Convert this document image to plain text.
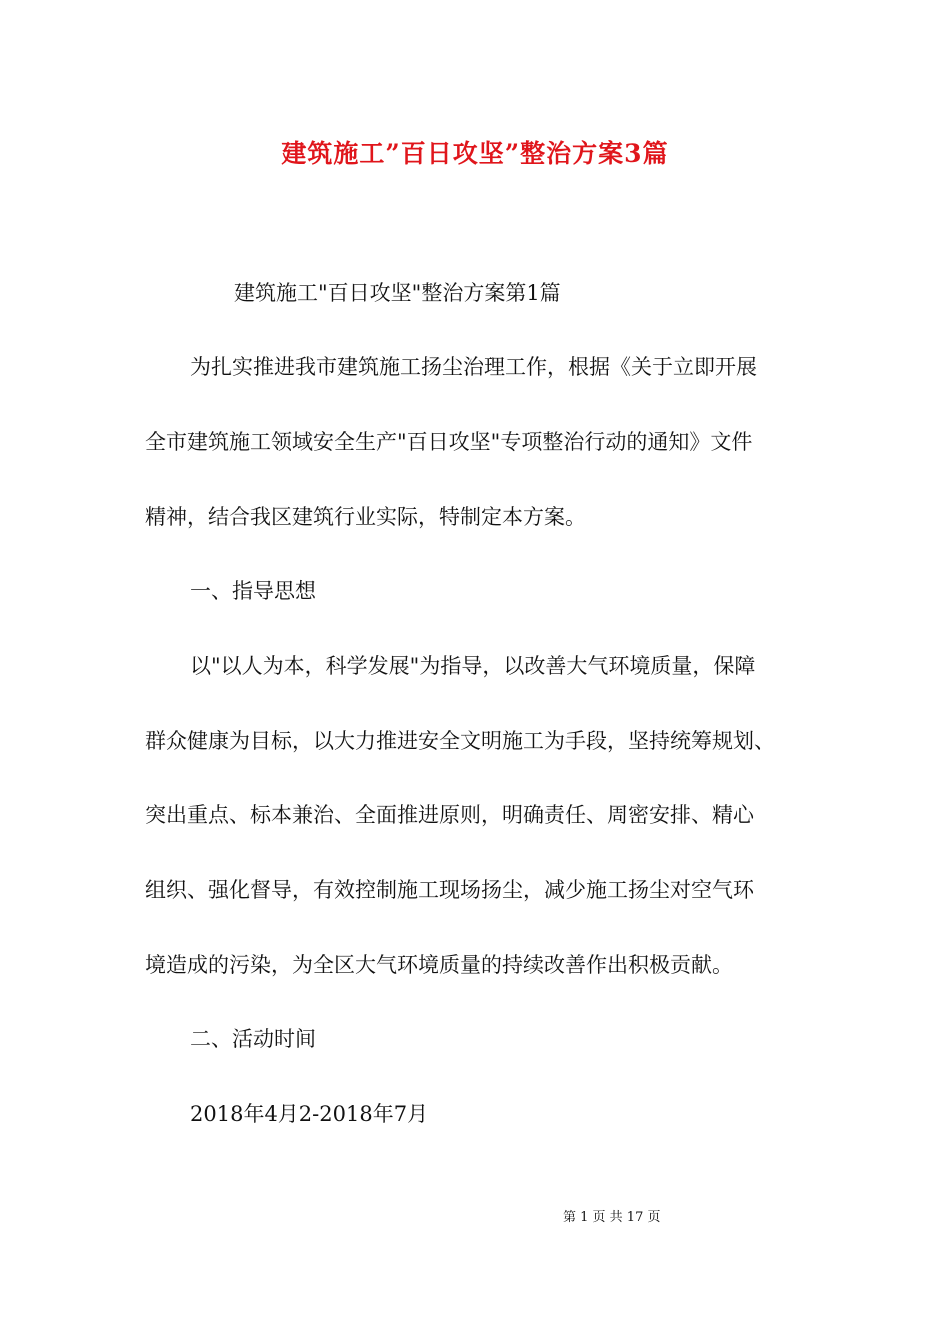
建筑施工”百日攻坚”整治方案3篇
建筑施工"百日攻坚"整治方案第1篇
为扎实推进我市建筑施工扬尘治理工作，根据《关于立即开展
全市建筑施工领域安全生产"百日攻坚"专项整治行动的通知》文件
精神，结合我区建筑行业实际，特制定本方案。
一、指导思想
以"以人为本，科学发展"为指导，以改善大气环境质量，保障
群众健康为目标，以大力推进安全文明施工为手段，坚持统筹规划、
突出重点、标本兼治、全面推进原则，明确责任、周密安排、精心
组织、强化督导，有效控制施工现场扬尘，减少施工扬尘对空气环
境造成的污染，为全区大气环境质量的持续改善作出积极贡献。
二、活动时间
2018年4月2-2018年7月
第 1 页 共 17 页
